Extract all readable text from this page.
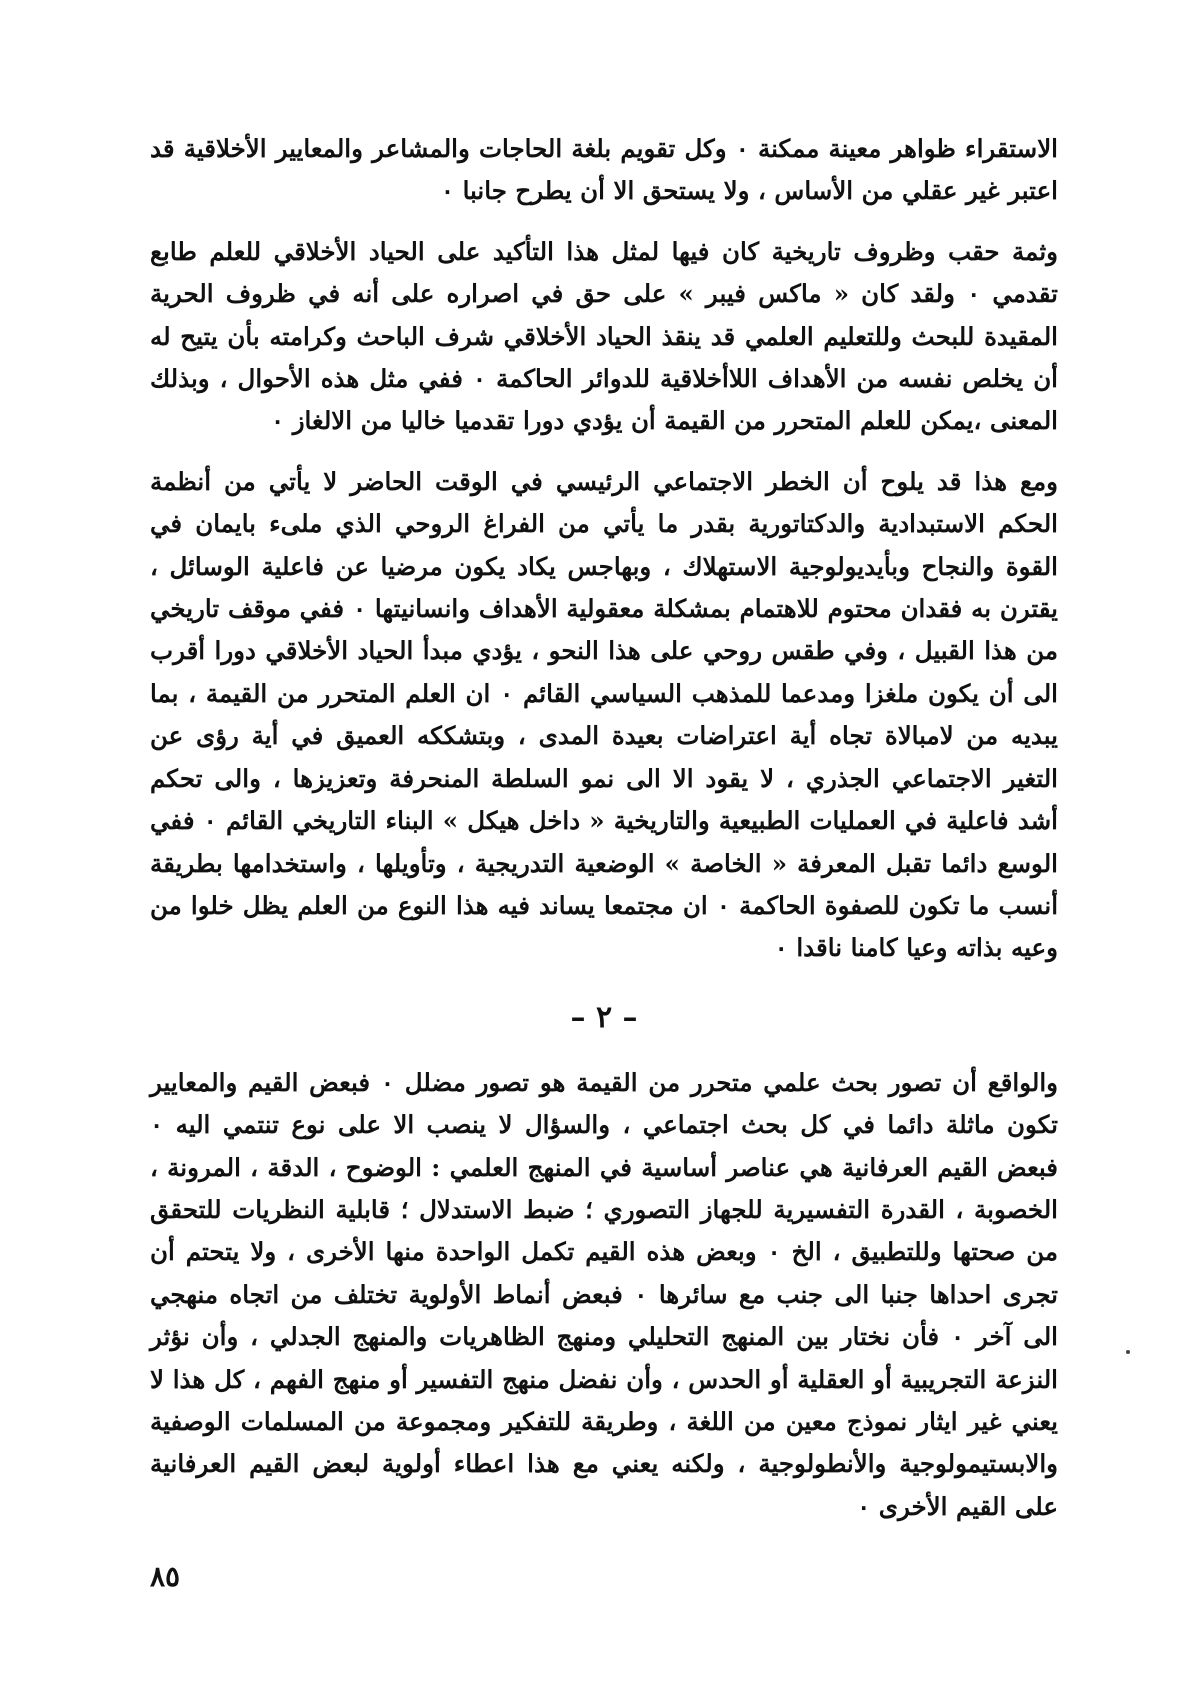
الاستقراء ظواهر معينة ممكنة ٠ وكل تقويم بلغة الحاجات والمشاعر والمعايير الأخلاقية قد اعتبر غير عقلي من الأساس ، ولا يستحق الا أن يطرح جانبا ٠

وثمة حقب وظروف تاريخية كان فيها لمثل هذا التأكيد على الحياد الأخلاقي للعلم طابع تقدمي ٠ ولقد كان « ماكس فيبر » على حق في اصراره على أنه في ظروف الحرية المقيدة للبحث وللتعليم العلمي قد ينقذ الحياد الأخلاقي شرف الباحث وكرامته بأن يتيح له أن يخلص نفسه من الأهداف اللاأخلاقية للدوائر الحاكمة ٠ ففي مثل هذه الأحوال ، وبذلك المعنى ،يمكن للعلم المتحرر من القيمة أن يؤدي دورا تقدميا خاليا من الالغاز ٠

ومع هذا قد يلوح أن الخطر الاجتماعي الرئيسي في الوقت الحاضر لا يأتي من أنظمة الحكم الاستبدادية والدكتاتورية بقدر ما يأتي من الفراغ الروحي الذي ملىء بايمان في القوة والنجاح وبأيديولوجية الاستهلاك ، وبهاجس يكاد يكون مرضيا عن فاعلية الوسائل ، يقترن به فقدان محتوم للاهتمام بمشكلة معقولية الأهداف وانسانيتها ٠ ففي موقف تاريخي من هذا القبيل ، وفي طقس روحي على هذا النحو ، يؤدي مبدأ الحياد الأخلاقي دورا أقرب الى أن يكون ملغزا ومدعما للمذهب السياسي القائم ٠ ان العلم المتحرر من القيمة ، بما يبديه من لامبالاة تجاه أية اعتراضات بعيدة المدى ، وبتشككه العميق في أية رؤى عن التغير الاجتماعي الجذري ، لا يقود الا الى نمو السلطة المنحرفة وتعزيزها ، والى تحكم أشد فاعلية في العمليات الطبيعية والتاريخية « داخل هيكل » البناء التاريخي القائم ٠ ففي الوسع دائما تقبل المعرفة « الخاصة » الوضعية التدريجية ، وتأويلها ، واستخدامها بطريقة أنسب ما تكون للصفوة الحاكمة ٠ ان مجتمعا يساند فيه هذا النوع من العلم يظل خلوا من وعيه بذاته وعيا كامنا ناقدا ٠

– ٢ –

والواقع أن تصور بحث علمي متحرر من القيمة هو تصور مضلل ٠ فبعض القيم والمعايير تكون ماثلة دائما في كل بحث اجتماعي ، والسؤال لا ينصب الا على نوع تنتمي اليه ٠ فبعض القيم العرفانية هي عناصر أساسية في المنهج العلمي : الوضوح ، الدقة ، المرونة ، الخصوبة ، القدرة التفسيرية للجهاز التصوري ؛ ضبط الاستدلال ؛ قابلية النظريات للتحقق من صحتها وللتطبيق ، الخ ٠ وبعض هذه القيم تكمل الواحدة منها الأخرى ، ولا يتحتم أن تجرى احداها جنبا الى جنب مع سائرها ٠ فبعض أنماط الأولوية تختلف من اتجاه منهجي الى آخر ٠ فأن نختار بين المنهج التحليلي ومنهج الظاهريات والمنهج الجدلي ، وأن نؤثر النزعة التجريبية أو العقلية أو الحدس ، وأن نفضل منهج التفسير أو منهج الفهم ، كل هذا لا يعني غير ايثار نموذج معين من اللغة ، وطريقة للتفكير ومجموعة من المسلمات الوصفية والابستيمولوجية والأنطولوجية ، ولكنه يعني مع هذا اعطاء أولوية لبعض القيم العرفانية على القيم الأخرى ٠

٨٥
